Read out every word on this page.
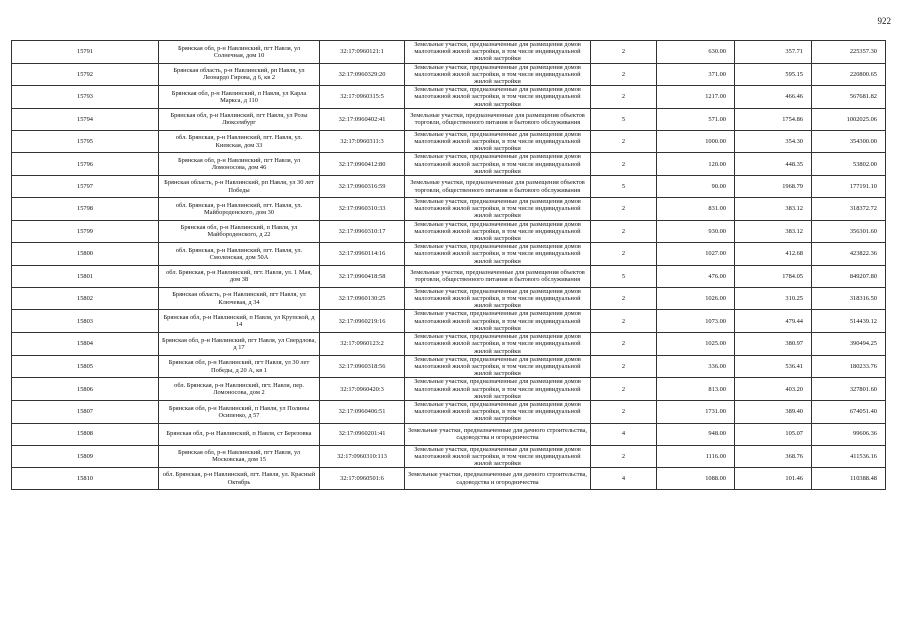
922
15791	Брянская обл, р-н Навлинский, пгт Навля, ул Солнечная, дом 10	32:17:0960121:1	Земельные участки, предназначенные для размещения домов малоэтажной жилой застройки, в том числе индивидуальной жилой застройки	2	630.00	357.71	225357.30
15792	Брянская область, р-н Навлинский, рп Навля, ул Леонардо Гирова, д 6, кв 2	32:17:0960329:20	Земельные участки, предназначенные для размещения домов малоэтажной жилой застройки, в том числе индивидуальной жилой застройки	2	371.00	595.15	220800.65
15793	Брянская обл, р-н Навлинский, п Навля, ул Карла Маркса, д 110	32:17:0960315:5	Земельные участки, предназначенные для размещения домов малоэтажной жилой застройки, в том числе индивидуальной жилой застройки	2	1217.00	466.46	567681.82
15794	Брянская обл, р-н Навлинский, пгт Навля, ул Розы Люксембург	32:17:0960402:41	Земельные участки, предназначенные для размещения объектов торговли, общественного питания и бытового обслуживания	5	571.00	1754.86	1002025.06
15795	обл. Брянская, р-н Навлинский, пгт. Навля, ул. Киевская, дом 33	32:17:0960311:3	Земельные участки, предназначенные для размещения домов малоэтажной жилой застройки, в том числе индивидуальной жилой застройки	2	1000.00	354.30	354300.00
15796	Брянская обл, р-н Навлинский, пгт Навля, ул Ломоносова, дом 46	32:17:0960412:80	Земельные участки, предназначенные для размещения домов малоэтажной жилой застройки, в том числе индивидуальной жилой застройки	2	120.00	448.35	53802.00
15797	Брянская область, р-н Навлинский, рп Навля, ул 30 лет Победы	32:17:0960316:59	Земельные участки, предназначенные для размещения объектов торговли, общественного питания и бытового обслуживания	5	90.00	1968.79	177191.10
15798	обл. Брянская, р-н Навлинский, пгт. Навля, ул. Майбороденского, дом 30	32:17:0960310:33	Земельные участки, предназначенные для размещения домов малоэтажной жилой застройки, в том числе индивидуальной жилой застройки	2	831.00	383.12	318372.72
15799	Брянская обл, р-н Навлинский, п Навля, ул Майбороденского, д 22	32:17:0960310:17	Земельные участки, предназначенные для размещения домов малоэтажной жилой застройки, в том числе индивидуальной жилой застройки	2	930.00	383.12	356301.60
15800	обл. Брянская, р-н Навлинский, пгт. Навля, ул. Смоленская, дом 50А	32:17:0960114:16	Земельные участки, предназначенные для размещения домов малоэтажной жилой застройки, в том числе индивидуальной жилой застройки	2	1027.00	412.68	423822.36
15801	обл. Брянская, р-н Навлинский, пгт. Навля, ул. 1 Мая, дом 38	32:17:0960418:58	Земельные участки, предназначенные для размещения объектов торговли, общественного питания и бытового обслуживания	5	476.00	1784.05	849207.80
15802	Брянская область, р-н Навлинский, пгт Навля, ул Ключевая, д 34	32:17:0960130:25	Земельные участки, предназначенные для размещения домов малоэтажной жилой застройки, в том числе индивидуальной жилой застройки	2	1026.00	310.25	318316.50
15803	Брянская обл, р-н Навлинский, п Навля, ул Крупской, д 14	32:17:0960219:16	Земельные участки, предназначенные для размещения домов малоэтажной жилой застройки, в том числе индивидуальной жилой застройки	2	1073.00	479.44	514439.12
15804	Брянская обл, р-н Навлинский, пгт Навля, ул Свердлова, д 17	32:17:0960123:2	Земельные участки, предназначенные для размещения домов малоэтажной жилой застройки, в том числе индивидуальной жилой застройки	2	1025.00	380.97	390494.25
15805	Брянская обл, р-н Навлинский, пгт Навля, ул 30 лет Победы, д 20 А, кв 1	32:17:0960318:56	Земельные участки, предназначенные для размещения домов малоэтажной жилой застройки, в том числе индивидуальной жилой застройки	2	336.00	536.41	180233.76
15806	обл. Брянская, р-н Навлинский, пгт. Навля, пер. Ломоносова, дом 2	32:17:0960420:3	Земельные участки, предназначенные для размещения домов малоэтажной жилой застройки, в том числе индивидуальной жилой застройки	2	813.00	403.20	327801.60
15807	Брянская обл, р-н Навлинский, п Навля, ул Полины Осипенко, д 57	32:17:0960406:51	Земельные участки, предназначенные для размещения домов малоэтажной жилой застройки, в том числе индивидуальной жилой застройки	2	1731.00	389.40	674051.40
15808	Брянская обл, р-н Навлинский, п Навля, ст Березовка	32:17:0960201:41	Земельные участки, предназначенные для дачного строительства, садоводства и огородничества	4	948.00	105.07	99606.36
15809	Брянская обл, р-н Навлинский, пгт Навля, ул Московская, дом 15	32:17:0960310:113	Земельные участки, предназначенные для размещения домов малоэтажной жилой застройки, в том числе индивидуальной жилой застройки	2	1116.00	368.76	411536.16
15810	обл. Брянская, р-н Навлинский, пгт. Навля, ул. Красный Октябрь	32:17:0960501:6	Земельные участки, предназначенные для дачного строительства, садоводства и огородничества	4	1088.00	101.46	110388.48
